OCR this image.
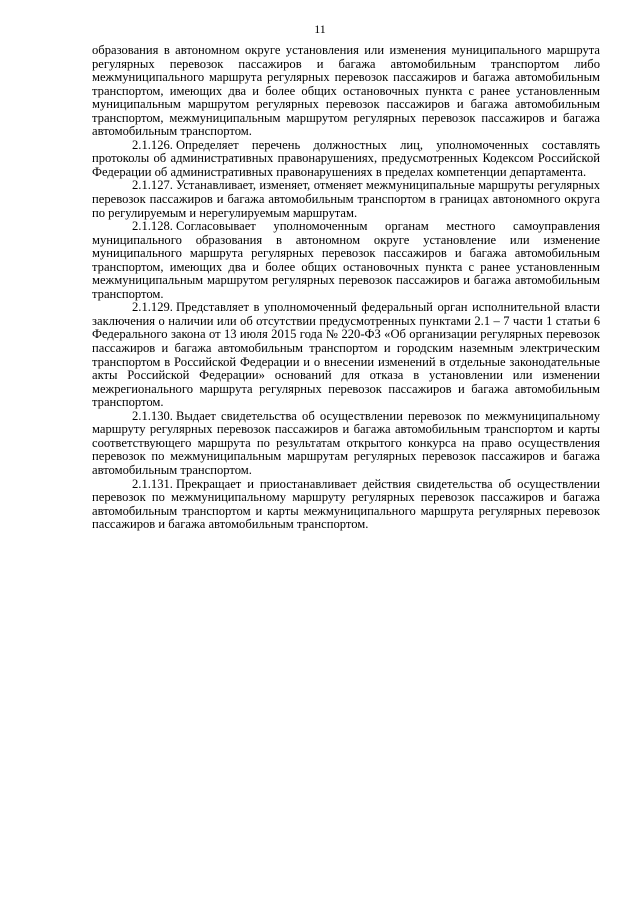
11

образования в автономном округе установления или изменения муниципального маршрута регулярных перевозок пассажиров и багажа автомобильным транспортом либо межмуниципального маршрута регулярных перевозок пассажиров и багажа автомобильным транспортом, имеющих два и более общих остановочных пункта с ранее установленным муниципальным маршрутом регулярных перевозок пассажиров и багажа автомобильным транспортом, межмуниципальным маршрутом регулярных перевозок пассажиров и багажа автомобильным транспортом.

2.1.126. Определяет перечень должностных лиц, уполномоченных составлять протоколы об административных правонарушениях, предусмотренных Кодексом Российской Федерации об административных правонарушениях в пределах компетенции департамента.

2.1.127. Устанавливает, изменяет, отменяет межмуниципальные маршруты регулярных перевозок пассажиров и багажа автомобильным транспортом в границах автономного округа по регулируемым и нерегулируемым маршрутам.

2.1.128. Согласовывает уполномоченным органам местного самоуправления муниципального образования в автономном округе установление или изменение муниципального маршрута регулярных перевозок пассажиров и багажа автомобильным транспортом, имеющих два и более общих остановочных пункта с ранее установленным межмуниципальным маршрутом регулярных перевозок пассажиров и багажа автомобильным транспортом.

2.1.129. Представляет в уполномоченный федеральный орган исполнительной власти заключения о наличии или об отсутствии предусмотренных пунктами 2.1 – 7 части 1 статьи 6 Федерального закона от 13 июля 2015 года № 220-ФЗ «Об организации регулярных перевозок пассажиров и багажа автомобильным транспортом и городским наземным электрическим транспортом в Российской Федерации и о внесении изменений в отдельные законодательные акты Российской Федерации» оснований для отказа в установлении или изменении межрегионального маршрута регулярных перевозок пассажиров и багажа автомобильным транспортом.

2.1.130. Выдает свидетельства об осуществлении перевозок по межмуниципальному маршруту регулярных перевозок пассажиров и багажа автомобильным транспортом и карты соответствующего маршрута по результатам открытого конкурса на право осуществления перевозок по межмуниципальным маршрутам регулярных перевозок пассажиров и багажа автомобильным транспортом.

2.1.131. Прекращает и приостанавливает действия свидетельства об осуществлении перевозок по межмуниципальному маршруту регулярных перевозок пассажиров и багажа автомобильным транспортом и карты межмуниципального маршрута регулярных перевозок пассажиров и багажа автомобильным транспортом.
